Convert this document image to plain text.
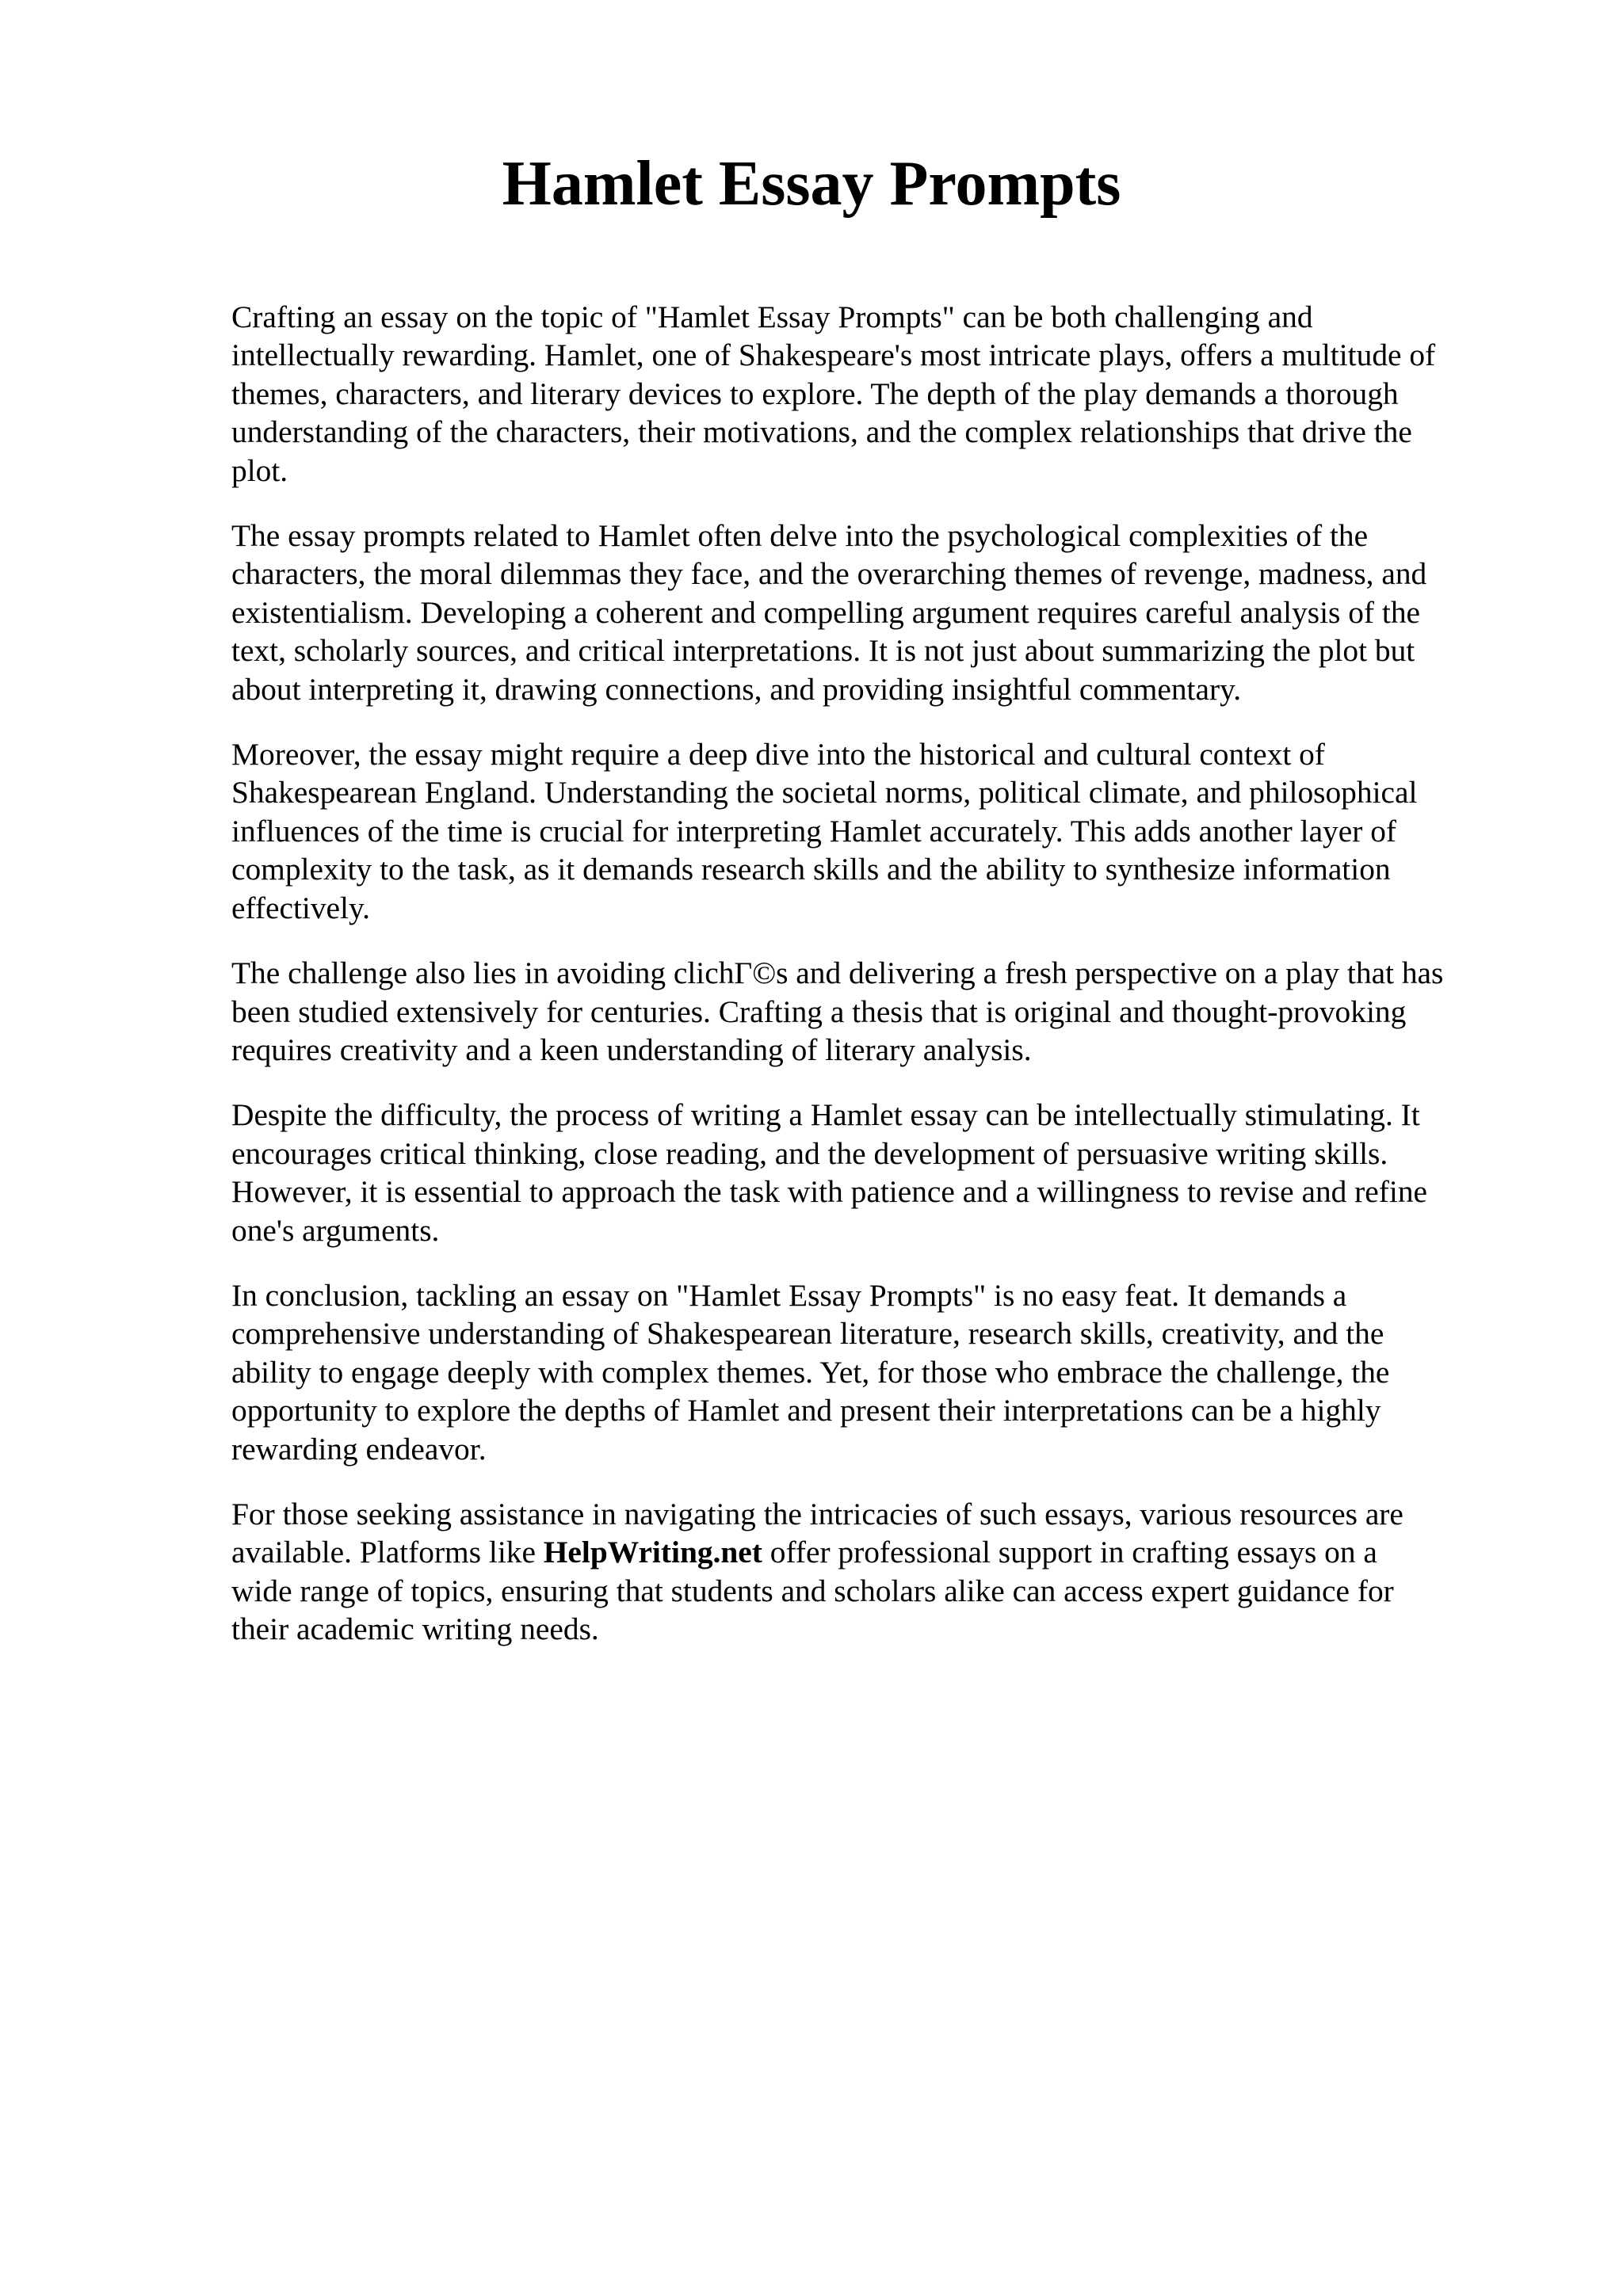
Hamlet Essay Prompts

Crafting an essay on the topic of "Hamlet Essay Prompts" can be both challenging and
intellectually rewarding. Hamlet, one of Shakespeare's most intricate plays, offers a multitude of
themes, characters, and literary devices to explore. The depth of the play demands a thorough
understanding of the characters, their motivations, and the complex relationships that drive the
plot.

The essay prompts related to Hamlet often delve into the psychological complexities of the
characters, the moral dilemmas they face, and the overarching themes of revenge, madness, and
existentialism. Developing a coherent and compelling argument requires careful analysis of the
text, scholarly sources, and critical interpretations. It is not just about summarizing the plot but
about interpreting it, drawing connections, and providing insightful commentary.

Moreover, the essay might require a deep dive into the historical and cultural context of
Shakespearean England. Understanding the societal norms, political climate, and philosophical
influences of the time is crucial for interpreting Hamlet accurately. This adds another layer of
complexity to the task, as it demands research skills and the ability to synthesize information
effectively.

The challenge also lies in avoiding clichГ©s and delivering a fresh perspective on a play that has
been studied extensively for centuries. Crafting a thesis that is original and thought-provoking
requires creativity and a keen understanding of literary analysis.

Despite the difficulty, the process of writing a Hamlet essay can be intellectually stimulating. It
encourages critical thinking, close reading, and the development of persuasive writing skills.
However, it is essential to approach the task with patience and a willingness to revise and refine
one's arguments.

In conclusion, tackling an essay on "Hamlet Essay Prompts" is no easy feat. It demands a
comprehensive understanding of Shakespearean literature, research skills, creativity, and the
ability to engage deeply with complex themes. Yet, for those who embrace the challenge, the
opportunity to explore the depths of Hamlet and present their interpretations can be a highly
rewarding endeavor.

For those seeking assistance in navigating the intricacies of such essays, various resources are
available. Platforms like HelpWriting.net offer professional support in crafting essays on a
wide range of topics, ensuring that students and scholars alike can access expert guidance for
their academic writing needs.
